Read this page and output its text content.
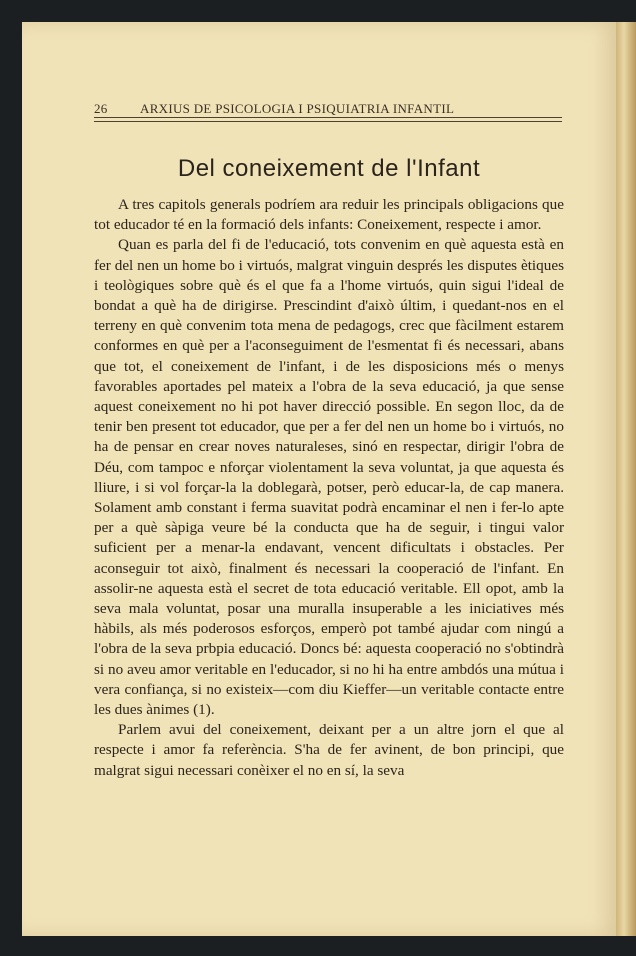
26 ARXIUS DE PSICOLOGIA I PSIQUIATRIA INFANTIL
Del coneixement de l'Infant

A tres capitols generals podríem ara reduir les principals obligacions que tot educador té en la formació dels infants: Coneixement, respecte i amor.

Quan es parla del fi de l'educació, tots convenim en què aquesta està en fer del nen un home bo i virtuós, malgrat vinguin després les disputes ètiques i teològiques sobre què és el que fa a l'home virtuós, quin sigui l'ideal de bondat a què ha de dirigirse. Prescindint d'això últim, i quedant-nos en el terreny en què convenim tota mena de pedagogs, crec que fàcilment estarem conformes en què per a l'aconseguiment de l'esmentat fi és necessari, abans que tot, el coneixement de l'infant, i de les disposicions més o menys favorables aportades pel mateix a l'obra de la seva educació, ja que sense aquest coneixement no hi pot haver direcció possible. En segon lloc, da de tenir ben present tot educador, que per a fer del nen un home bo i virtuós, no ha de pensar en crear noves naturaleses, sinó en respectar, dirigir l'obra de Déu, com tampoc e nforçar violentament la seva voluntat, ja que aquesta és lliure, i si vol forçar-la la doblegarà, potser, però educar-la, de cap manera. Solament amb constant i ferma suavitat podrà encaminar el nen i fer-lo apte per a què sàpiga veure bé la conducta que ha de seguir, i tingui valor suficient per a menar-la endavant, vencent dificultats i obstacles. Per aconseguir tot això, finalment és necessari la cooperació de l'infant. En assolir-ne aquesta està el secret de tota educació veritable. Ell opot, amb la seva mala voluntat, posar una muralla insuperable a les iniciatives més hàbils, als més poderosos esforços, emperò pot també ajudar com ningú a l'obra de la seva prbpia educació. Doncs bé: aquesta cooperació no s'obtindrà si no aveu amor veritable en l'educador, si no hi ha entre ambdós una mútua i vera confiança, si no existeix—com diu Kieffer—un veritable contacte entre les dues ànimes (1).

Parlem avui del coneixement, deixant per a un altre jorn el que al respecte i amor fa referència. S'ha de fer avinent, de bon principi, que malgrat sigui necessari conèixer el no en sí, la seva
